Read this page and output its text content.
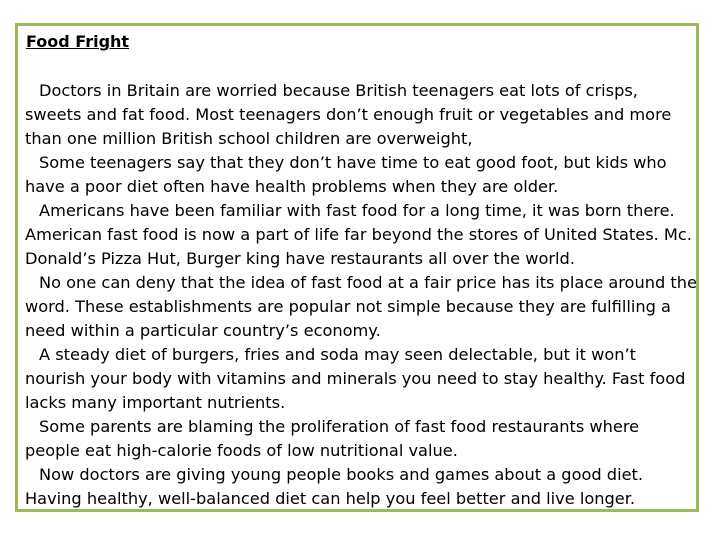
Food Fright

Doctors in Britain are worried because British teenagers eat lots of crisps, sweets and fat food. Most teenagers don’t enough fruit or vegetables and more than one million British school children are overweight,

Some teenagers say that they don’t have time to eat good foot, but kids who have a poor diet often have health problems when they are older.

Americans have been familiar with fast food for a long time, it was born there. American fast food is now a part of life far beyond the stores of United States. Mc. Donald’s Pizza Hut, Burger king have restaurants all over the world.

No one can deny that the idea of fast food at a fair price has its place around the word. These establishments are popular not simple because they are fulfilling a need within a particular country’s economy.

A steady diet of burgers, fries and soda may seen delectable, but it won’t nourish your body with vitamins and minerals you need to stay healthy. Fast food lacks many important nutrients.

Some parents are blaming the proliferation of fast food restaurants where people eat high-calorie foods of low nutritional value.

Now doctors are giving young people books and games about a good diet. Having healthy, well-balanced diet can help you feel better and live longer.
